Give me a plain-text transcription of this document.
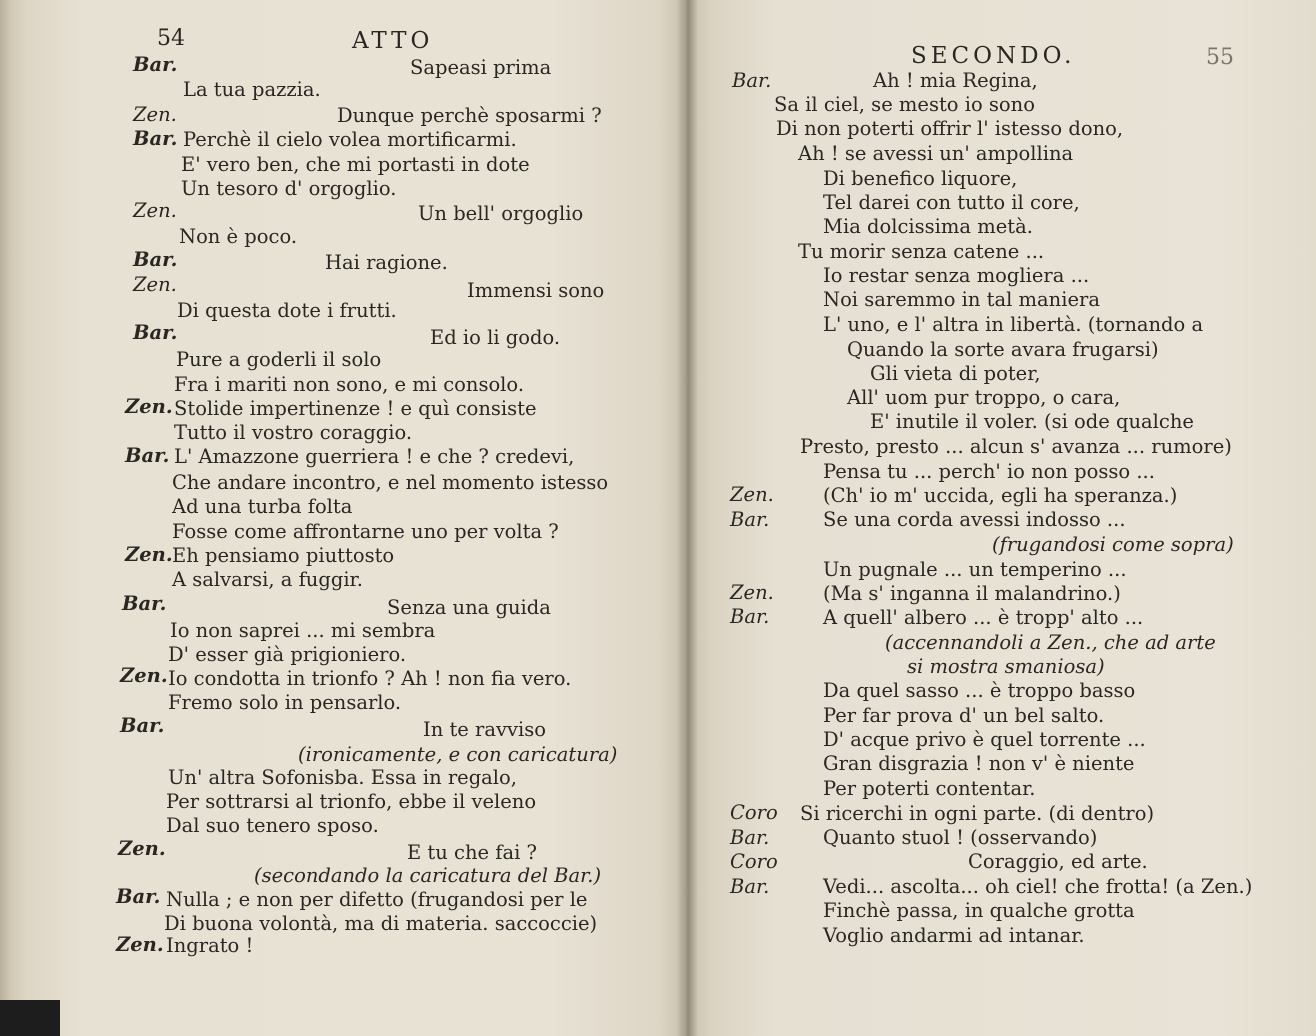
54	ATTO
Bar.
Zen.
Bar.
Zen.
Bar.
Zen.
Bar.
Zen.
Bar.
Zen.
Bar.
Zen.
Bar.
Zen.
Bar.
Zen.
Sapeasi prima
La tua pazzia.
Dunque perchè sposarmi ?
Perchè il cielo volea mortificarmi.
E' vero ben, che mi portasti in dote
Un tesoro d' orgoglio.
Un bell' orgoglio
Non è poco.
Hai ragione.
Immensi sono
Di questa dote i frutti.
Ed io li godo.
Pure a goderli il solo
Fra i mariti non sono, e mi consolo.
Stolide impertinenze ! e quì consiste
Tutto il vostro coraggio.
L' Amazzone guerriera ! e che ? credevi,
Che andare incontro, e nel momento istesso
Ad una turba folta
Fosse come affrontarne uno per volta ?
Eh pensiamo piuttosto
A salvarsi, a fuggir.
Senza una guida
Io non saprei ... mi sembra
D' esser già prigioniero.
Io condotta in trionfo ? Ah ! non fia vero.
Fremo solo in pensarlo.
In te ravviso
(ironicamente, e con caricatura)
Un' altra Sofonisba. Essa in regalo,
Per sottrarsi al trionfo, ebbe il veleno
Dal suo tenero sposo.
E tu che fai ?
(secondando la caricatura del Bar.)
Nulla ; e non per difetto (frugandosi per le
Di buona volontà, ma di materia. saccoccie)
Ingrato !
SECONDO.	55
Bar.
Zen.
Bar.
Zen.
Bar.
Coro
Bar.
Coro
Bar.
Ah ! mia Regina,
Sa il ciel, se mesto io sono
Di non poterti offrir l' istesso dono,
Ah ! se avessi un' ampollina
Di benefico liquore,
Tel darei con tutto il core,
Mia dolcissima metà.
Tu morir senza catene ...
Io restar senza mogliera ...
Noi saremmo in tal maniera
L' uno, e l' altra in libertà. (tornando a
Quando la sorte avara frugarsi)
Gli vieta di poter,
All' uom pur troppo, o cara,
E' inutile il voler. (si ode qualche
Presto, presto ... alcun s' avanza ... rumore)
Pensa tu ... perch' io non posso ...
(Ch' io m' uccida, egli ha speranza.)
Se una corda avessi indosso ...
(frugandosi come sopra)
Un pugnale ... un temperino ...
(Ma s' inganna il malandrino.)
A quell' albero ... è tropp' alto ...
(accennandoli a Zen., che ad arte
si mostra smaniosa)
Da quel sasso ... è troppo basso
Per far prova d' un bel salto.
D' acque privo è quel torrente ...
Gran disgrazia ! non v' è niente
Per poterti contentar.
Si ricerchi in ogni parte. (di dentro)
Quanto stuol ! (osservando)
Coraggio, ed arte.
Vedi... ascolta... oh ciel! che frotta! (a Zen.)
Finchè passa, in qualche grotta
Voglio andarmi ad intanar.
